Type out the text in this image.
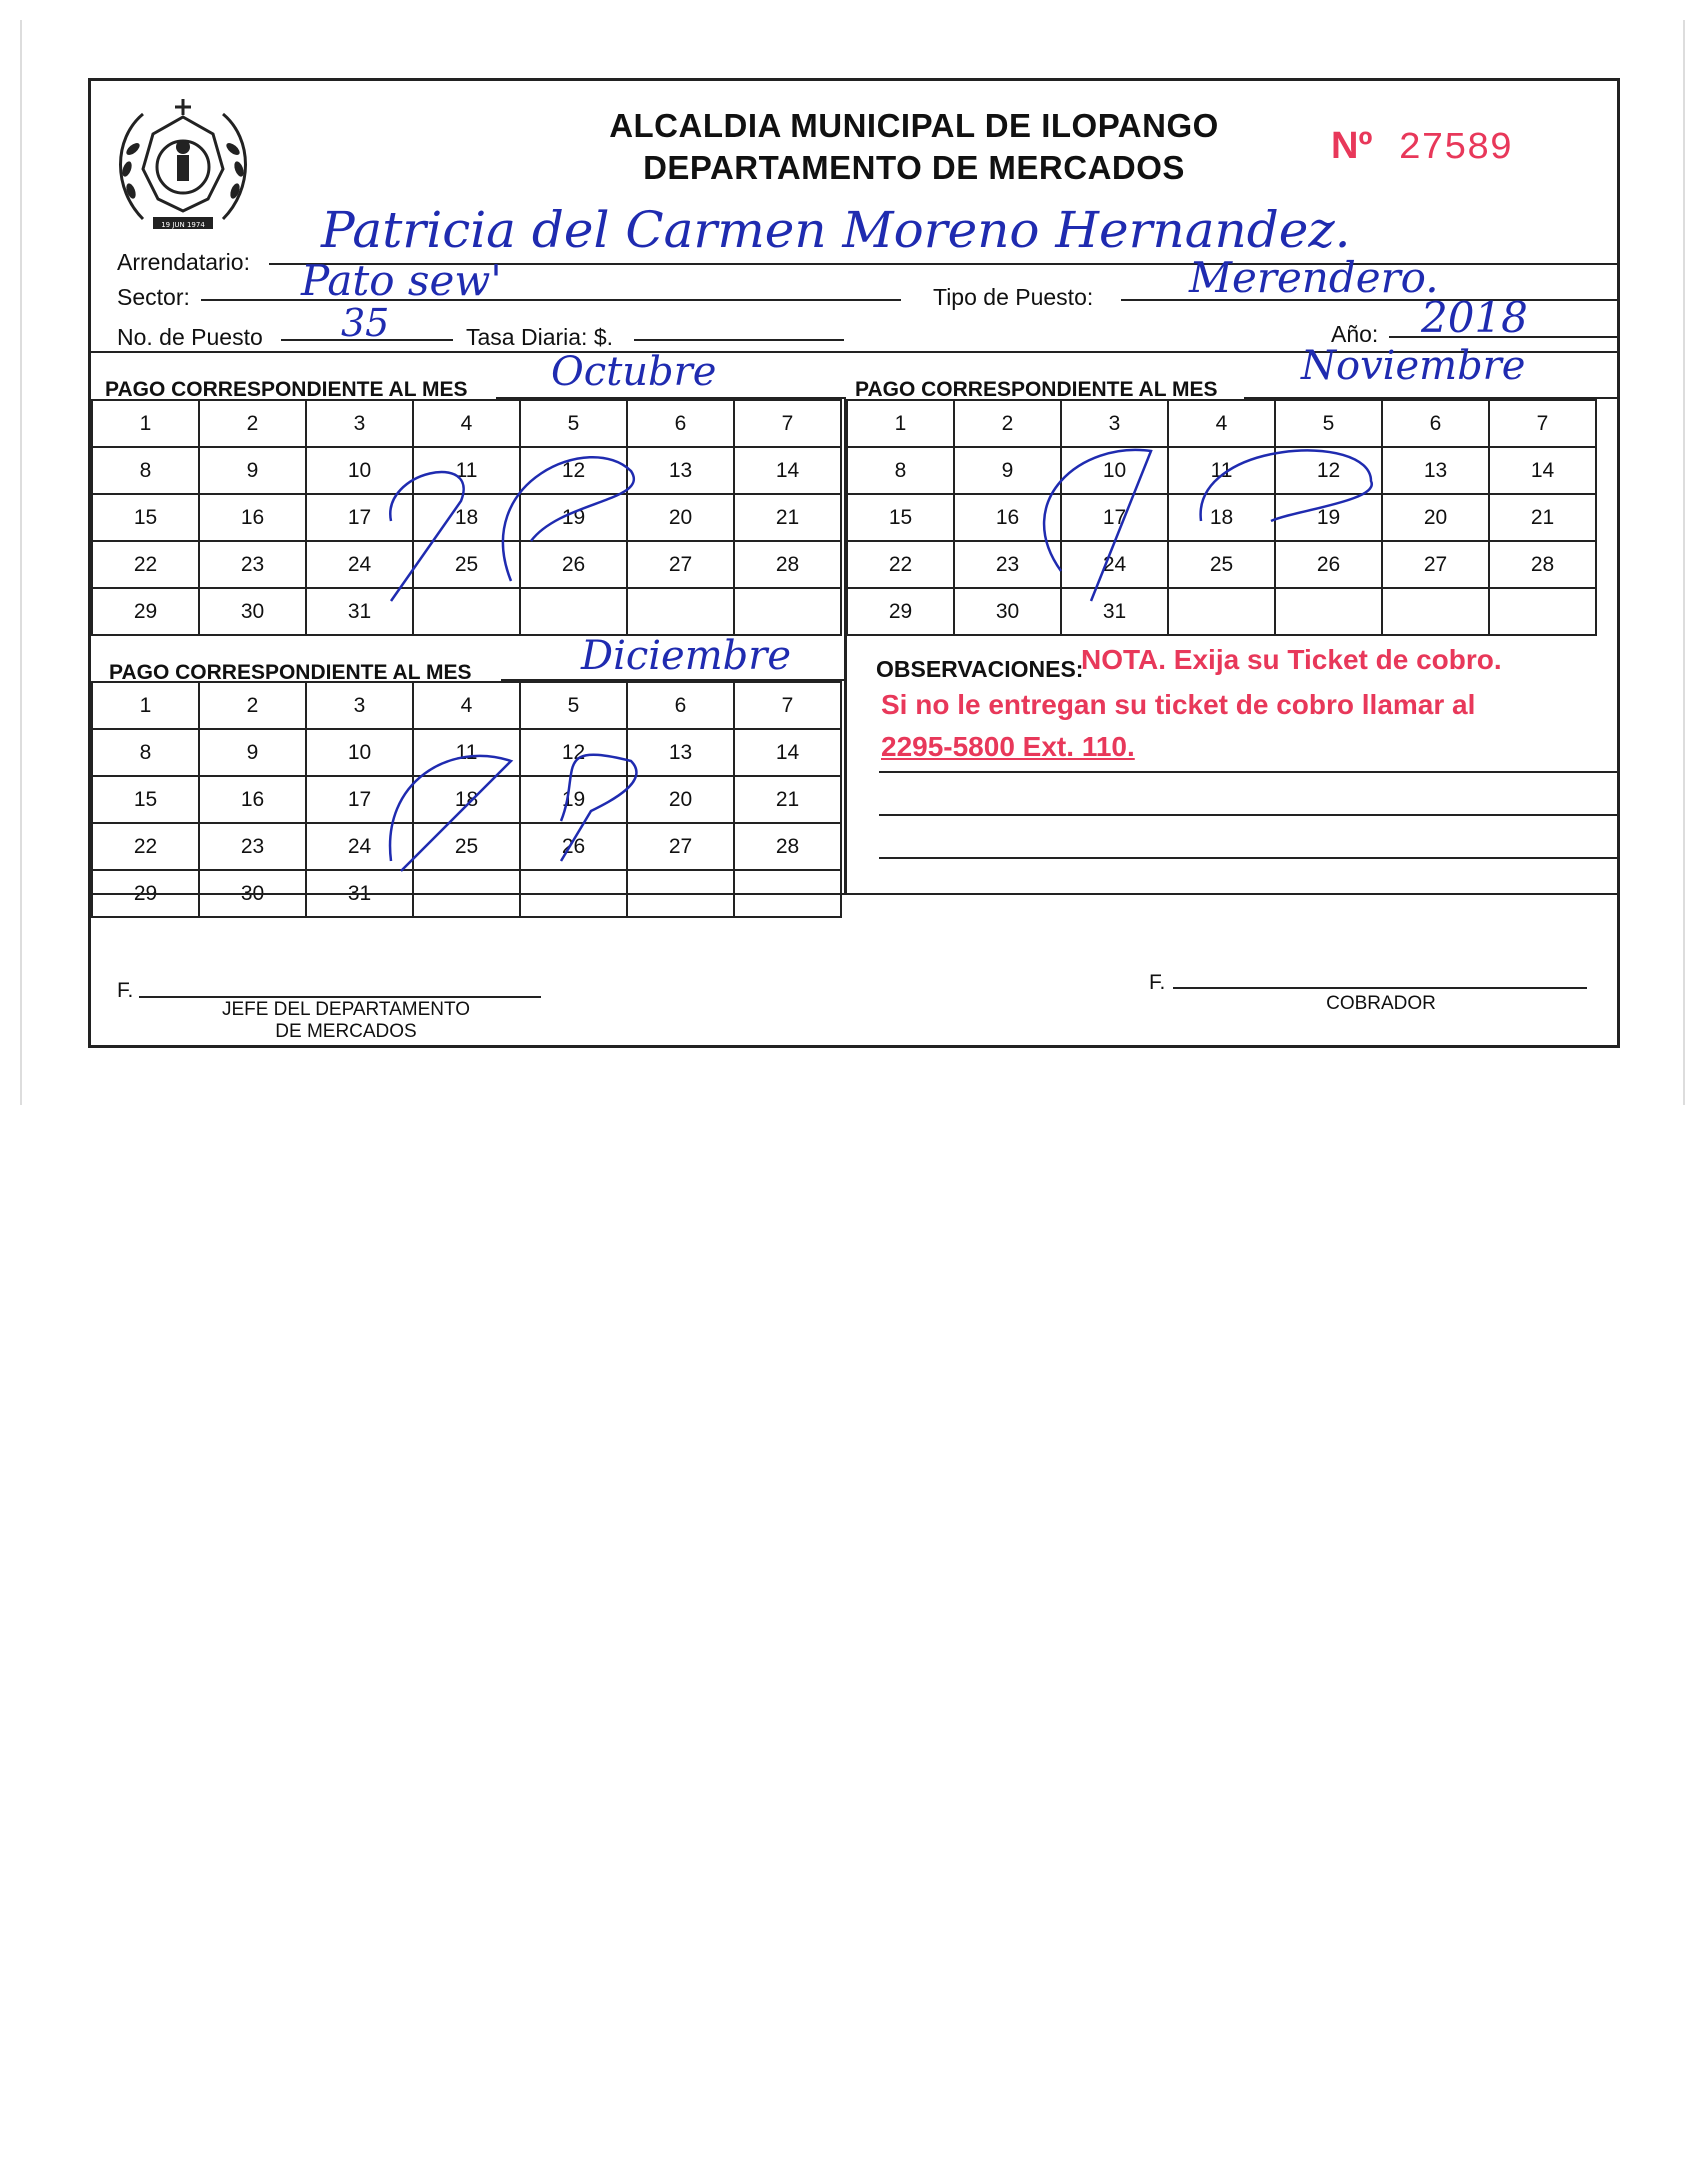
19 JUN 1974
ALCALDIA MUNICIPAL DE ILOPANGO
DEPARTAMENTO DE MERCADOS
Nº 27589
Arrendatario:
Patricia del Carmen Moreno Hernandez.
Sector:	Pato sew'	Tipo de Puesto: Merendero.
No. de Puesto 35	Tasa Diaria: $.	Año: 2018
PAGO CORRESPONDIENTE AL MES Octubre	PAGO CORRESPONDIENTE AL MES
Noviembre
1	2	3	4	5	6	7
8	9	10	11	12	13	14
15	16	17	18	19	20	21
22	23	24	25	26	27	28
29	30	31				
1	2	3	4	5	6	7
8	9	10	11	12	13	14
15	16	17	18	19	20	21
22	23	24	25	26	27	28
29	30	31				
PAGO CORRESPONDIENTE AL MES	Diciembre
1	2	3	4	5	6	7
8	9	10	11	12	13	14
15	16	17	18	19	20	21
22	23	24	25	26	27	28
29	30	31				
OBSERVACIONES:
NOTA. Exija su Ticket de cobro.
Si no le entregan su ticket de cobro llamar al
2295-5800 Ext. 110.
F.
JEFE DEL DEPARTAMENTO
DE MERCADOS
F.
COBRADOR
